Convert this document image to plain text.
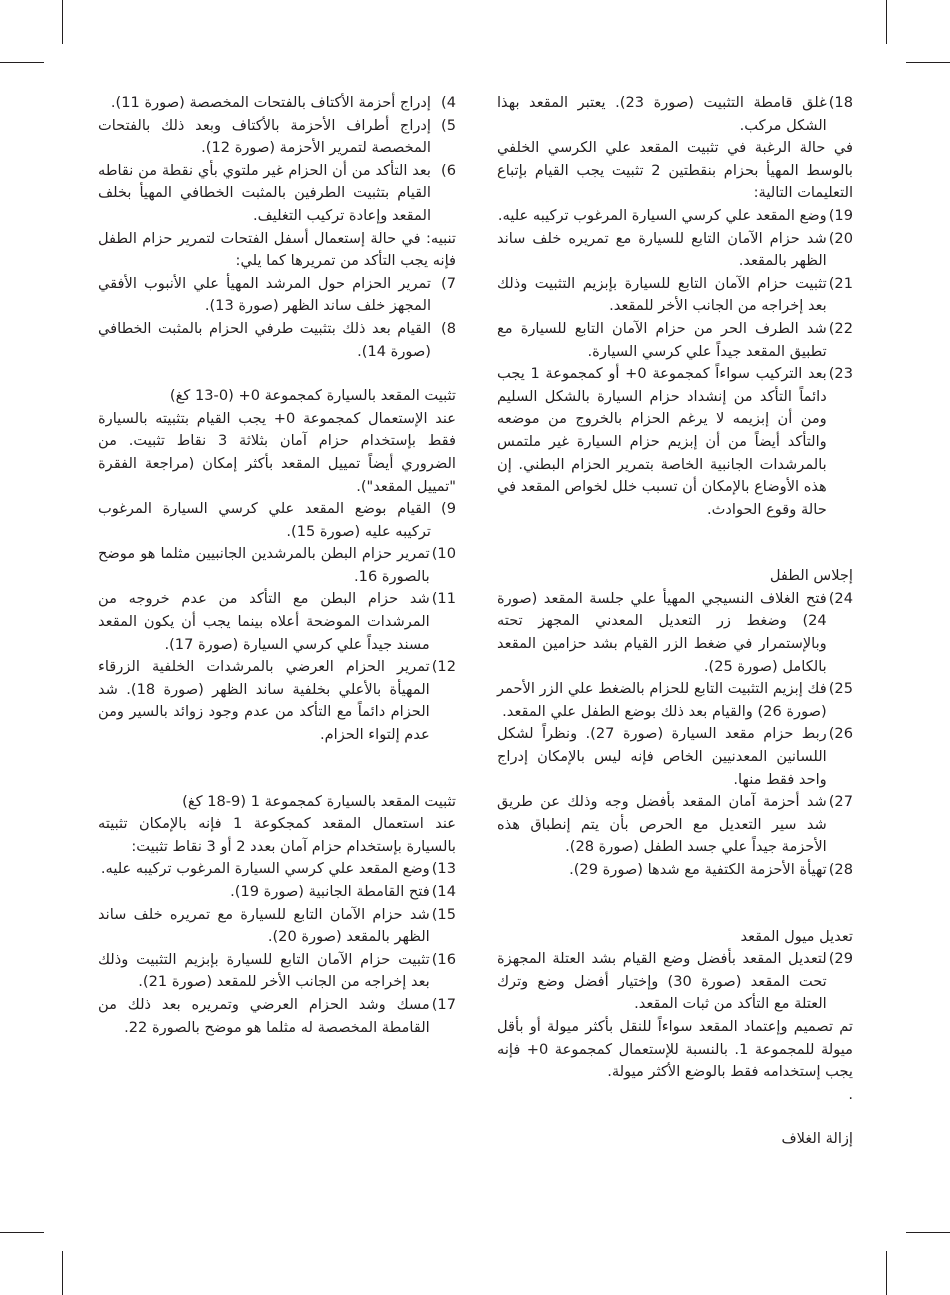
18)
غلق قامطة التثبيت (صورة 23). يعتبر المقعد بهذا الشكل مركب.

في حالة الرغبة في تثبيت المقعد علي الكرسي الخلفي بالوسط المهيأ بحزام بنقطتين 2 تثبيت يجب القيام بإتباع التعليمات التالية:

19)
وضع المقعد علي كرسي السيارة المرغوب تركيبه عليه.
20)
شد حزام الآمان التابع للسيارة مع تمريره خلف ساند الظهر بالمقعد.
21)
تثبيت حزام الآمان التابع للسيارة بإبزيم التثبيت وذلك بعد إخراجه من الجانب الأخر للمقعد.
22)
شد الطرف الحر من حزام الآمان التابع للسيارة مع تطبيق المقعد جيداً علي كرسي السيارة.
23)
بعد التركيب سواءاً كمجموعة 0+ أو كمجموعة 1 يجب دائماً التأكد من إنشداد حزام السيارة بالشكل السليم ومن أن إبزيمه لا يرغم الحزام بالخروج من موضعه والتأكد أيضاً من أن إبزيم حزام السيارة غير ملتمس بالمرشدات الجانبية الخاصة بتمرير الحزام البطني. إن هذه الأوضاع بالإمكان أن تسبب خلل لخواص المقعد في حالة وقوع الحوادث.

إجلاس الطفل

24)
فتح الغلاف النسيجي المهيأ علي جلسة المقعد (صورة 24) وضغط زر التعديل المعدني المجهز تحته وبالإستمرار في ضغط الزر القيام بشد حزامين المقعد بالكامل (صورة 25).
25)
فك إبزيم التثبيت التابع للحزام بالضغط علي الزر الأحمر (صورة 26) والقيام بعد ذلك بوضع الطفل علي المقعد.
26)
ربط حزام مقعد السيارة (صورة 27). ونظراً لشكل اللسانين المعدنيين الخاص فإنه ليس بالإمكان إدراج واحد فقط منها.
27)
شد أحزمة آمان المقعد بأفضل وجه وذلك عن طريق شد سير التعديل مع الحرص بأن يتم إنطباق هذه الأحزمة جيداً علي جسد الطفل (صورة 28).
28)
تهيأة الأحزمة الكتفية مع شدها (صورة 29).

تعديل ميول المقعد

29)
لتعديل المقعد بأفضل وضع القيام بشد العتلة المجهزة تحت المقعد (صورة 30) وإختيار أفضل وضع وترك العتلة مع التأكد من ثبات المقعد.

تم تصميم وإعتماد المقعد سواءاً للنقل بأكثر ميولة أو بأقل ميولة للمجموعة 1. بالنسبة للإستعمال كمجموعة 0+ فإنه يجب إستخدامه فقط بالوضع الأكثر ميولة.

.

إزالة الغلاف

4)
إدراج أحزمة الأكتاف بالفتحات المخصصة (صورة 11).
5)
إدراج أطراف الأحزمة بالأكتاف وبعد ذلك بالفتحات المخصصة لتمرير الأحزمة (صورة 12).
6)
بعد التأكد من أن الحزام غير ملتوي بأي نقطة من نقاطه القيام بتثبيت الطرفين بالمثبت الخطافي المهيأ بخلف المقعد وإعادة تركيب التغليف.

تنبيه: في حالة إستعمال أسفل الفتحات لتمرير حزام الطفل فإنه يجب التأكد من تمريرها كما يلي:

7)
تمرير الحزام حول المرشد المهيأ علي الأنبوب الأفقي المجهز خلف ساند الظهر (صورة 13).
8)
القيام بعد ذلك بتثبيت طرفي الحزام بالمثبت الخطافي (صورة 14).

تثبيت المقعد بالسيارة كمجموعة 0+ (0-13 كغ)

عند الإستعمال كمجموعة 0+ يجب القيام بتثبيته بالسيارة فقط بإستخدام حزام آمان بثلاثة 3 نقاط تثبيت. من الضروري أيضاً تمييل المقعد بأكثر إمكان (مراجعة الفقرة "تمييل المقعد").

9)
القيام بوضع المقعد علي كرسي السيارة المرغوب تركيبه عليه (صورة 15).
10)
تمرير حزام البطن بالمرشدين الجانبيين مثلما هو موضح بالصورة 16.
11)
شد حزام البطن مع التأكد من عدم خروجه من المرشدات الموضحة أعلاه بينما يجب أن يكون المقعد مسند جيداً علي كرسي السيارة (صورة 17).
12)
تمرير الحزام العرضي بالمرشدات الخلفية الزرقاء المهيأة بالأعلي بخلفية ساند الظهر (صورة 18). شد الحزام دائماً مع التأكد من عدم وجود زوائد بالسير ومن عدم إلتواء الحزام.

تثبيت المقعد بالسيارة كمجموعة 1 (9-18 كغ)

عند استعمال المقعد كمجكوعة 1 فإنه بالإمكان تثبيته بالسيارة بإستخدام حزام آمان بعدد 2 أو 3 نقاط تثبيت:

13)
وضع المقعد علي كرسي السيارة المرغوب تركيبه عليه.
14)
فتح القامطة الجانبية (صورة 19).
15)
شد حزام الآمان التابع للسيارة مع تمريره خلف ساند الظهر بالمقعد (صورة 20).
16)
تثبيت حزام الآمان التابع للسيارة بإبزيم التثبيت وذلك بعد إخراجه من الجانب الأخر للمقعد (صورة 21).
17)
مسك وشد الحزام العرضي وتمريره بعد ذلك من القامطة المخصصة له مثلما هو موضح بالصورة 22.
